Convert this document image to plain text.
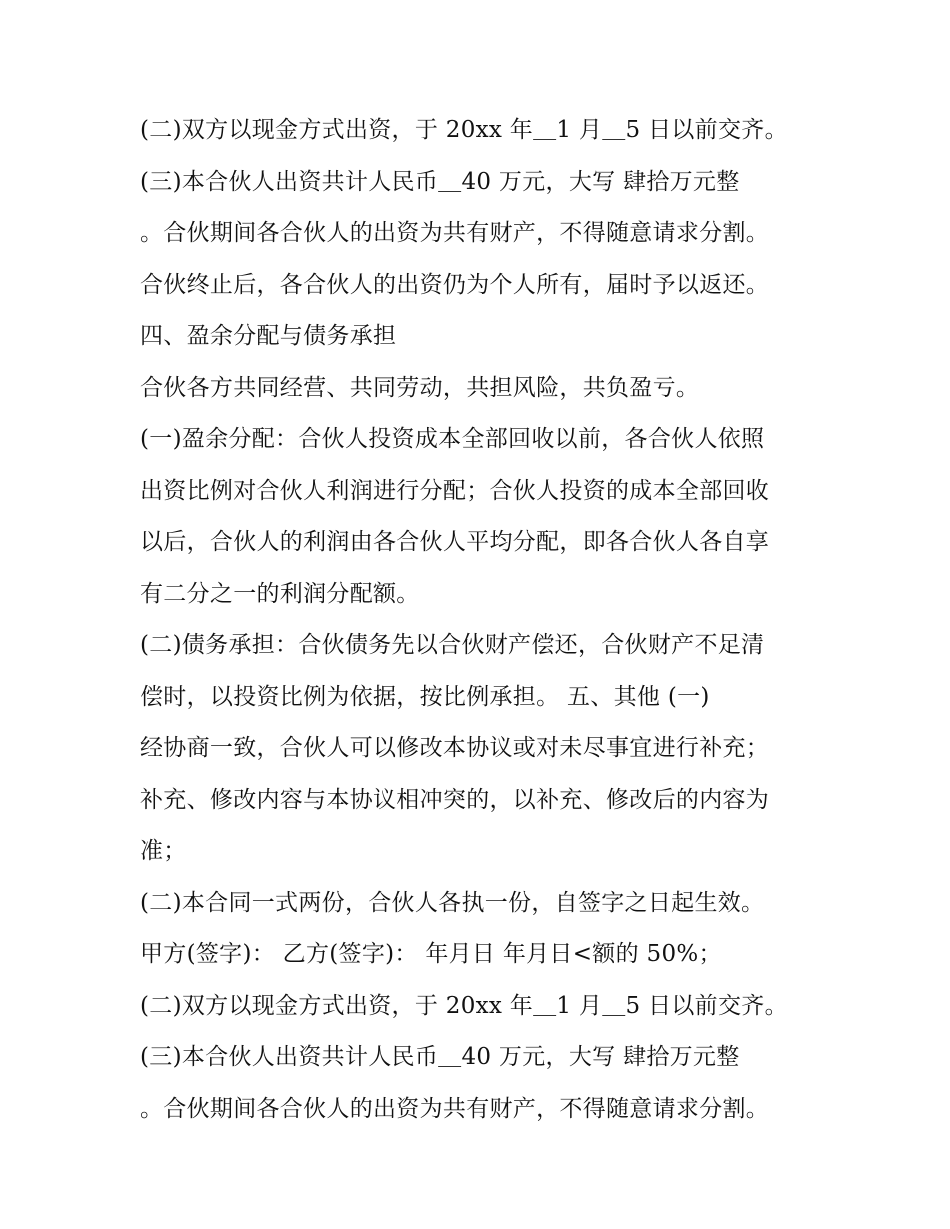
(二)双方以现金方式出资，于 20xx 年＿1 月＿5 日以前交齐。
(三)本合伙人出资共计人民币＿40 万元，大写 肆拾万元整
。合伙期间各合伙人的出资为共有财产，不得随意请求分割。
合伙终止后，各合伙人的出资仍为个人所有，届时予以返还。
四、盈余分配与债务承担
合伙各方共同经营、共同劳动，共担风险，共负盈亏。
(一)盈余分配：合伙人投资成本全部回收以前，各合伙人依照
出资比例对合伙人利润进行分配；合伙人投资的成本全部回收
以后，合伙人的利润由各合伙人平均分配，即各合伙人各自享
有二分之一的利润分配额。
(二)债务承担：合伙债务先以合伙财产偿还，合伙财产不足清
偿时，以投资比例为依据，按比例承担。 五、其他 (一)
经协商一致，合伙人可以修改本协议或对未尽事宜进行补充；
补充、修改内容与本协议相冲突的，以补充、修改后的内容为
准；
(二)本合同一式两份，合伙人各执一份，自签字之日起生效。
甲方(签字)： 乙方(签字)： 年月日 年月日<额的 50%；
(二)双方以现金方式出资，于 20xx 年＿1 月＿5 日以前交齐。
(三)本合伙人出资共计人民币＿40 万元，大写 肆拾万元整
。合伙期间各合伙人的出资为共有财产，不得随意请求分割。
